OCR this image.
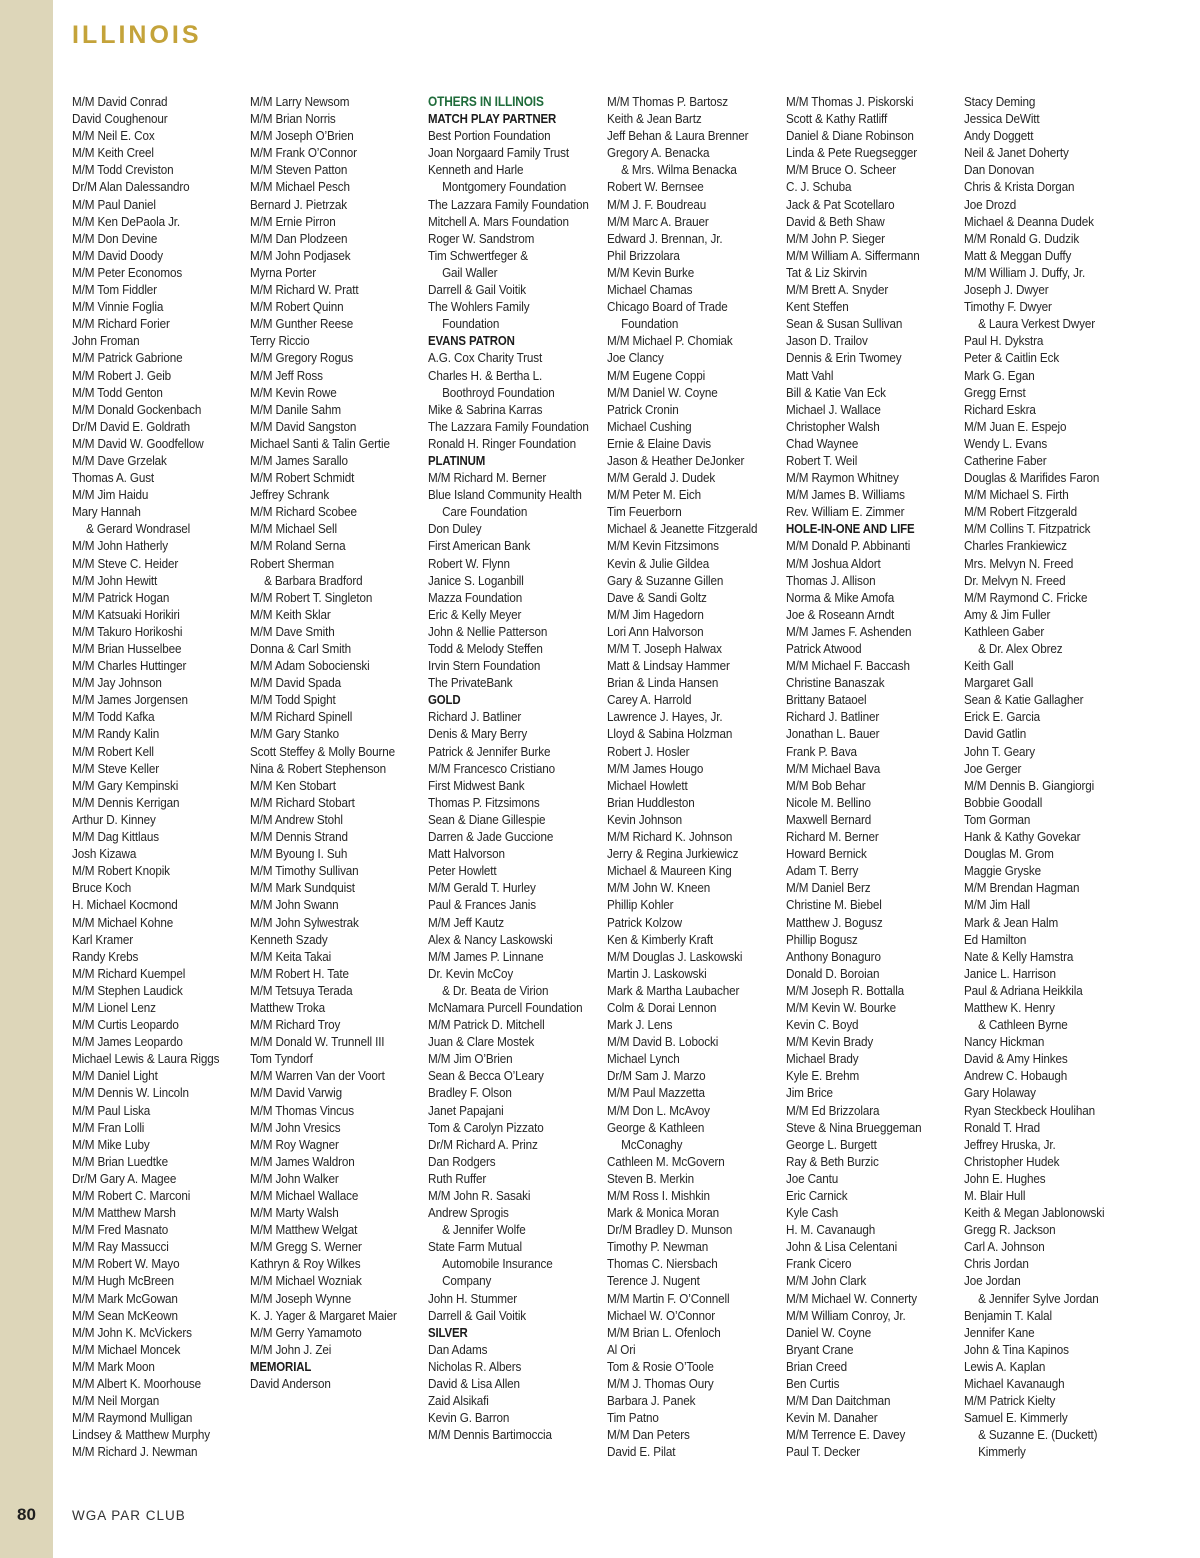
80
ILLINOIS
M/M David Conrad
David Coughenour
M/M Neil E. Cox
M/M Keith Creel
M/M Todd Creviston
Dr/M Alan Dalessandro
M/M Paul Daniel
M/M Ken DePaola Jr.
M/M Don Devine
M/M David Doody
M/M Peter Economos
M/M Tom Fiddler
M/M Vinnie Foglia
M/M Richard Forier
John Froman
M/M Patrick Gabrione
M/M Robert J. Geib
M/M Todd Genton
M/M Donald Gockenbach
Dr/M David E. Goldrath
M/M David W. Goodfellow
M/M Dave Grzelak
Thomas A. Gust
M/M Jim Haidu
Mary Hannah
& Gerard Wondrasel
M/M John Hatherly
M/M Steve C. Heider
M/M John Hewitt
M/M Patrick Hogan
M/M Katsuaki Horikiri
M/M Takuro Horikoshi
M/M Brian Husselbee
M/M Charles Huttinger
M/M Jay Johnson
M/M James Jorgensen
M/M Todd Kafka
M/M Randy Kalin
M/M Robert Kell
M/M Steve Keller
M/M Gary Kempinski
M/M Dennis Kerrigan
Arthur D. Kinney
M/M Dag Kittlaus
Josh Kizawa
M/M Robert Knopik
Bruce Koch
H. Michael Kocmond
M/M Michael Kohne
Karl Kramer
Randy Krebs
M/M Richard Kuempel
M/M Stephen Laudick
M/M Lionel Lenz
M/M Curtis Leopardo
M/M James Leopardo
Michael Lewis & Laura Riggs
M/M Daniel Light
M/M Dennis W. Lincoln
M/M Paul Liska
M/M Fran Lolli
M/M Mike Luby
M/M Brian Luedtke
Dr/M Gary A. Magee
M/M Robert C. Marconi
M/M Matthew Marsh
M/M Fred Masnato
M/M Ray Massucci
M/M Robert W. Mayo
M/M Hugh McBreen
M/M Mark McGowan
M/M Sean McKeown
M/M John K. McVickers
M/M Michael Moncek
M/M Mark Moon
M/M Albert K. Moorhouse
M/M Neil Morgan
M/M Raymond Mulligan
Lindsey & Matthew Murphy
M/M Richard J. Newman
M/M Larry Newsom
M/M Brian Norris
M/M Joseph O’Brien
M/M Frank O’Connor
M/M Steven Patton
M/M Michael Pesch
Bernard J. Pietrzak
M/M Ernie Pirron
M/M Dan Plodzeen
M/M John Podjasek
Myrna Porter
M/M Richard W. Pratt
M/M Robert Quinn
M/M Gunther Reese
Terry Riccio
M/M Gregory Rogus
M/M Jeff Ross
M/M Kevin Rowe
M/M Danile Sahm
M/M David Sangston
Michael Santi & Talin Gertie
M/M James Sarallo
M/M Robert Schmidt
Jeffrey Schrank
M/M Richard Scobee
M/M Michael Sell
M/M Roland Serna
Robert Sherman
& Barbara Bradford
M/M Robert T. Singleton
M/M Keith Sklar
M/M Dave Smith
Donna & Carl Smith
M/M Adam Sobocienski
M/M David Spada
M/M Todd Spight
M/M Richard Spinell
M/M Gary Stanko
Scott Steffey & Molly Bourne
Nina & Robert Stephenson
M/M Ken Stobart
M/M Richard Stobart
M/M Andrew Stohl
M/M Dennis Strand
M/M Byoung I. Suh
M/M Timothy Sullivan
M/M Mark Sundquist
M/M John Swann
M/M John Sylwestrak
Kenneth Szady
M/M Keita Takai
M/M Robert H. Tate
M/M Tetsuya Terada
Matthew Troka
M/M Richard Troy
M/M Donald W. Trunnell III
Tom Tyndorf
M/M Warren Van der Voort
M/M David Varwig
M/M Thomas Vincus
M/M John Vresics
M/M Roy Wagner
M/M James Waldron
M/M John Walker
M/M Michael Wallace
M/M Marty Walsh
M/M Matthew Welgat
M/M Gregg S. Werner
Kathryn & Roy Wilkes
M/M Michael Wozniak
M/M Joseph Wynne
K. J. Yager & Margaret Maier
M/M Gerry Yamamoto
M/M John J. Zei
MEMORIAL
David Anderson
OTHERS IN ILLINOIS
MATCH PLAY PARTNER
Best Portion Foundation
Joan Norgaard Family Trust
Kenneth and Harle
Montgomery Foundation
The Lazzara Family Foundation
Mitchell A. Mars Foundation
Roger W. Sandstrom
Tim Schwertfeger &
Gail Waller
Darrell & Gail Voitik
The Wohlers Family
Foundation
EVANS PATRON
A.G. Cox Charity Trust
Charles H. & Bertha L.
Boothroyd Foundation
Mike & Sabrina Karras
The Lazzara Family Foundation
Ronald H. Ringer Foundation
PLATINUM
M/M Richard M. Berner
Blue Island Community Health
Care Foundation
Don Duley
First American Bank
Robert W. Flynn
Janice S. Loganbill
Mazza Foundation
Eric & Kelly Meyer
John & Nellie Patterson
Todd & Melody Steffen
Irvin Stern Foundation
The PrivateBank
GOLD
Richard J. Batliner
Denis & Mary Berry
Patrick & Jennifer Burke
M/M Francesco Cristiano
First Midwest Bank
Thomas P. Fitzsimons
Sean & Diane Gillespie
Darren & Jade Guccione
Matt Halvorson
Peter Howlett
M/M Gerald T. Hurley
Paul & Frances Janis
M/M Jeff Kautz
Alex & Nancy Laskowski
M/M James P. Linnane
Dr. Kevin McCoy
& Dr. Beata de Virion
McNamara Purcell Foundation
M/M Patrick D. Mitchell
Juan & Clare Mostek
M/M Jim O’Brien
Sean & Becca O’Leary
Bradley F. Olson
Janet Papajani
Tom & Carolyn Pizzato
Dr/M Richard A. Prinz
Dan Rodgers
Ruth Ruffer
M/M John R. Sasaki
Andrew Sprogis
& Jennifer Wolfe
State Farm Mutual
Automobile Insurance
Company
John H. Stummer
Darrell & Gail Voitik
SILVER
Dan Adams
Nicholas R. Albers
David & Lisa Allen
Zaid Alsikafi
Kevin G. Barron
M/M Dennis Bartimoccia
M/M Thomas P. Bartosz
Keith & Jean Bartz
Jeff Behan & Laura Brenner
Gregory A. Benacka
& Mrs. Wilma Benacka
Robert W. Bernsee
M/M J. F. Boudreau
M/M Marc A. Brauer
Edward J. Brennan, Jr.
Phil Brizzolara
M/M Kevin Burke
Michael Chamas
Chicago Board of Trade
Foundation
M/M Michael P. Chomiak
Joe Clancy
M/M Eugene Coppi
M/M Daniel W. Coyne
Patrick Cronin
Michael Cushing
Ernie & Elaine Davis
Jason & Heather DeJonker
M/M Gerald J. Dudek
M/M Peter M. Eich
Tim Feuerborn
Michael & Jeanette Fitzgerald
M/M Kevin Fitzsimons
Kevin & Julie Gildea
Gary & Suzanne Gillen
Dave & Sandi Goltz
M/M Jim Hagedorn
Lori Ann Halvorson
M/M T. Joseph Halwax
Matt & Lindsay Hammer
Brian & Linda Hansen
Carey A. Harrold
Lawrence J. Hayes, Jr.
Lloyd & Sabina Holzman
Robert J. Hosler
M/M James Hougo
Michael Howlett
Brian Huddleston
Kevin Johnson
M/M Richard K. Johnson
Jerry & Regina Jurkiewicz
Michael & Maureen King
M/M John W. Kneen
Phillip Kohler
Patrick Kolzow
Ken & Kimberly Kraft
M/M Douglas J. Laskowski
Martin J. Laskowski
Mark & Martha Laubacher
Colm & Dorai Lennon
Mark J. Lens
M/M David B. Lobocki
Michael Lynch
Dr/M Sam J. Marzo
M/M Paul Mazzetta
M/M Don L. McAvoy
George & Kathleen
McConaghy
Cathleen M. McGovern
Steven B. Merkin
M/M Ross I. Mishkin
Mark & Monica Moran
Dr/M Bradley D. Munson
Timothy P. Newman
Thomas C. Niersbach
Terence J. Nugent
M/M Martin F. O’Connell
Michael W. O’Connor
M/M Brian L. Ofenloch
Al Ori
Tom & Rosie O’Toole
M/M J. Thomas Oury
Barbara J. Panek
Tim Patno
M/M Dan Peters
David E. Pilat
M/M Thomas J. Piskorski
Scott & Kathy Ratliff
Daniel & Diane Robinson
Linda & Pete Ruegsegger
M/M Bruce O. Scheer
C. J. Schuba
Jack & Pat Scotellaro
David & Beth Shaw
M/M John P. Sieger
M/M William A. Siffermann
Tat & Liz Skirvin
M/M Brett A. Snyder
Kent Steffen
Sean & Susan Sullivan
Jason D. Trailov
Dennis & Erin Twomey
Matt Vahl
Bill & Katie Van Eck
Michael J. Wallace
Christopher Walsh
Chad Waynee
Robert T. Weil
M/M Raymon Whitney
M/M James B. Williams
Rev. William E. Zimmer
HOLE-IN-ONE AND LIFE
M/M Donald P. Abbinanti
M/M Joshua Aldort
Thomas J. Allison
Norma & Mike Amofa
Joe & Roseann Arndt
M/M James F. Ashenden
Patrick Atwood
M/M Michael F. Baccash
Christine Banaszak
Brittany Bataoel
Richard J. Batliner
Jonathan L. Bauer
Frank P. Bava
M/M Michael Bava
M/M Bob Behar
Nicole M. Bellino
Maxwell Bernard
Richard M. Berner
Howard Bernick
Adam T. Berry
M/M Daniel Berz
Christine M. Biebel
Matthew J. Bogusz
Phillip Bogusz
Anthony Bonaguro
Donald D. Boroian
M/M Joseph R. Bottalla
M/M Kevin W. Bourke
Kevin C. Boyd
M/M Kevin Brady
Michael Brady
Kyle E. Brehm
Jim Brice
M/M Ed Brizzolara
Steve & Nina Brueggeman
George L. Burgett
Ray & Beth Burzic
Joe Cantu
Eric Carnick
Kyle Cash
H. M. Cavanaugh
John & Lisa Celentani
Frank Cicero
M/M John Clark
M/M Michael W. Connerty
M/M William Conroy, Jr.
Daniel W. Coyne
Bryant Crane
Brian Creed
Ben Curtis
M/M Dan Daitchman
Kevin M. Danaher
M/M Terrence E. Davey
Paul T. Decker
Stacy Deming
Jessica DeWitt
Andy Doggett
Neil & Janet Doherty
Dan Donovan
Chris & Krista Dorgan
Joe Drozd
Michael & Deanna Dudek
M/M Ronald G. Dudzik
Matt & Meggan Duffy
M/M William J. Duffy, Jr.
Joseph J. Dwyer
Timothy F. Dwyer
& Laura Verkest Dwyer
Paul H. Dykstra
Peter & Caitlin Eck
Mark G. Egan
Gregg Ernst
Richard Eskra
M/M Juan E. Espejo
Wendy L. Evans
Catherine Faber
Douglas & Marifides Faron
M/M Michael S. Firth
M/M Robert Fitzgerald
M/M Collins T. Fitzpatrick
Charles Frankiewicz
Mrs. Melvyn N. Freed
Dr. Melvyn N. Freed
M/M Raymond C. Fricke
Amy & Jim Fuller
Kathleen Gaber
& Dr. Alex Obrez
Keith Gall
Margaret Gall
Sean & Katie Gallagher
Erick E. Garcia
David Gatlin
John T. Geary
Joe Gerger
M/M Dennis B. Giangiorgi
Bobbie Goodall
Tom Gorman
Hank & Kathy Govekar
Douglas M. Grom
Maggie Gryske
M/M Brendan Hagman
M/M Jim Hall
Mark & Jean Halm
Ed Hamilton
Nate & Kelly Hamstra
Janice L. Harrison
Paul & Adriana Heikkila
Matthew K. Henry
& Cathleen Byrne
Nancy Hickman
David & Amy Hinkes
Andrew C. Hobaugh
Gary Holaway
Ryan Steckbeck Houlihan
Ronald T. Hrad
Jeffrey Hruska, Jr.
Christopher Hudek
John E. Hughes
M. Blair Hull
Keith & Megan Jablonowski
Gregg R. Jackson
Carl A. Johnson
Chris Jordan
Joe Jordan
& Jennifer Sylve Jordan
Benjamin T. Kalal
Jennifer Kane
John & Tina Kapinos
Lewis A. Kaplan
Michael Kavanaugh
M/M Patrick Kielty
Samuel E. Kimmerly
& Suzanne E. (Duckett)
Kimmerly
WGA PAR CLUB
